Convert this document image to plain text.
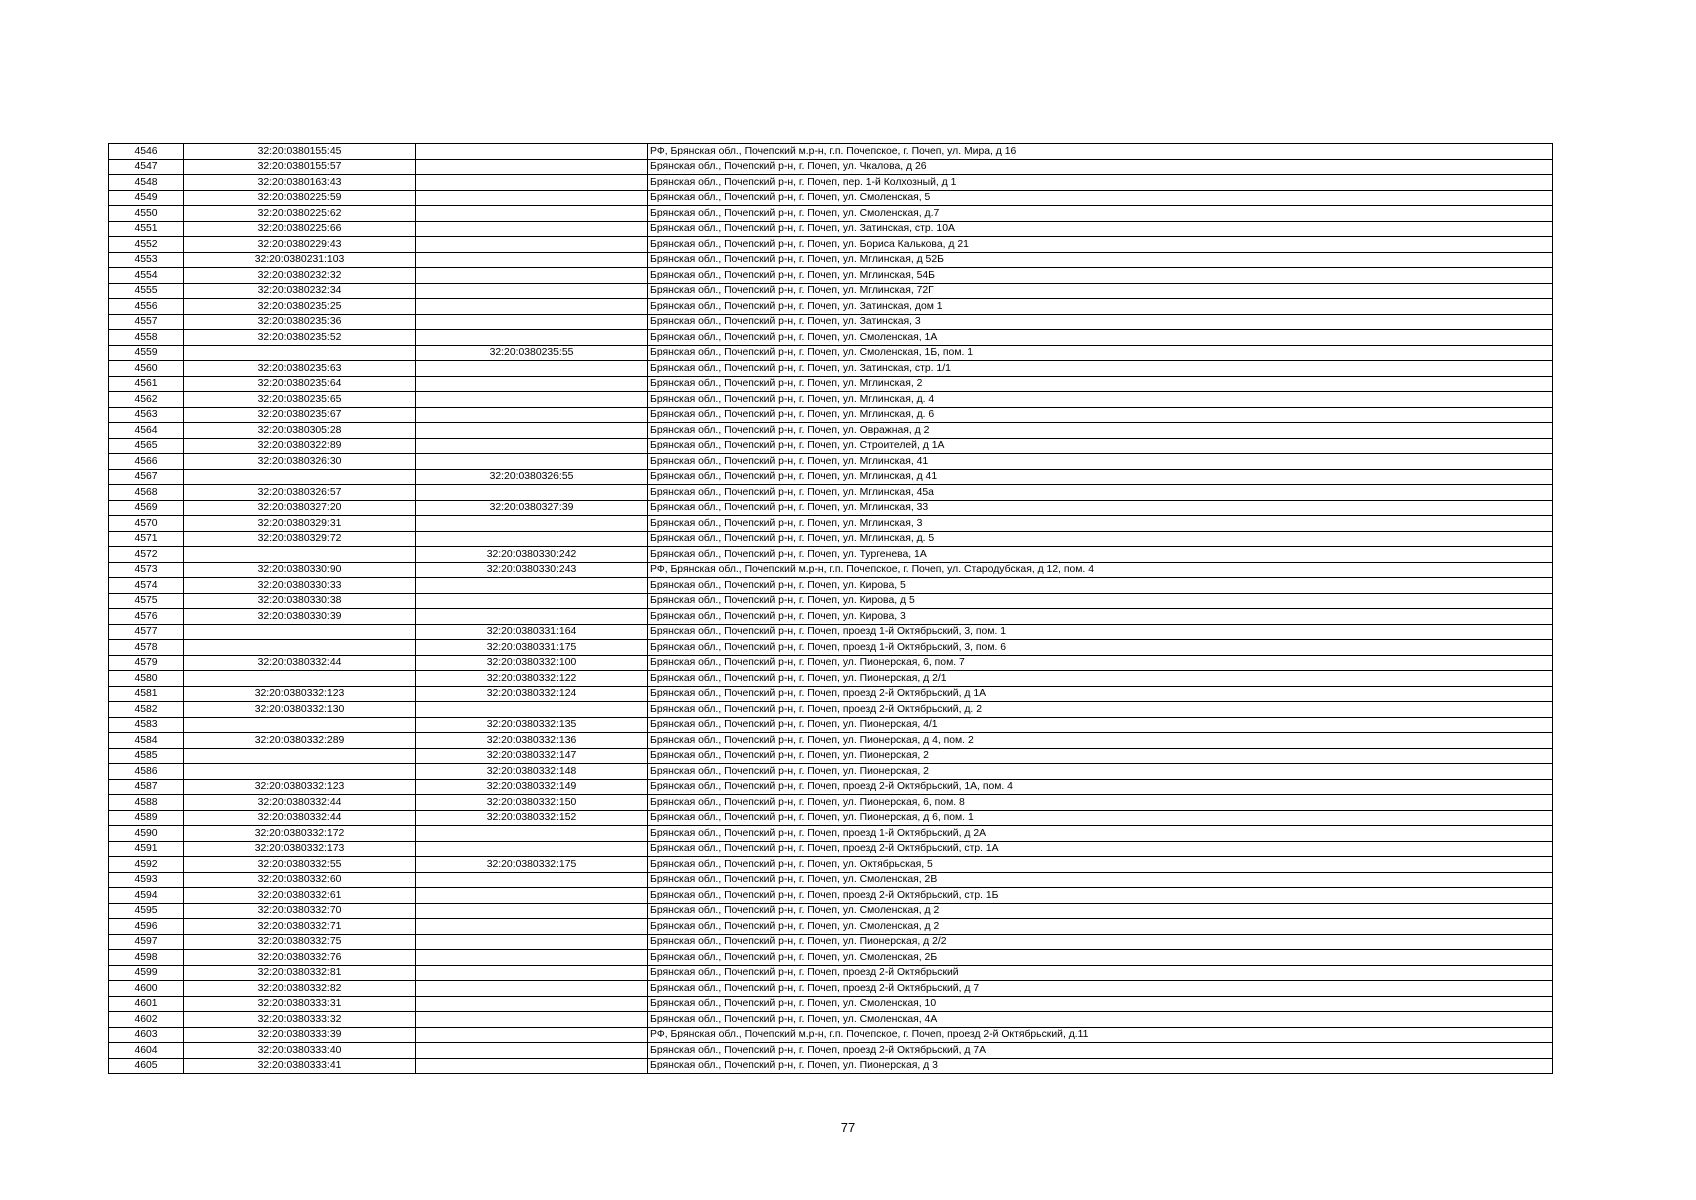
4546	32:20:0380155:45		РФ, Брянская обл., Почепский м.р-н, г.п. Почепское, г. Почеп, ул. Мира, д 16
4547	32:20:0380155:57		Брянская обл., Почепский р-н, г. Почеп, ул. Чкалова, д 26
4548	32:20:0380163:43		Брянская обл., Почепский р-н, г. Почеп, пер. 1-й Колхозный, д 1
4549	32:20:0380225:59		Брянская обл., Почепский р-н, г. Почеп, ул. Смоленская, 5
4550	32:20:0380225:62		Брянская обл., Почепский р-н, г. Почеп, ул. Смоленская, д.7
4551	32:20:0380225:66		Брянская обл., Почепский р-н, г. Почеп, ул. Затинская, стр. 10А
4552	32:20:0380229:43		Брянская обл., Почепский р-н, г. Почеп, ул. Бориса Калькова, д 21
4553	32:20:0380231:103		Брянская обл., Почепский р-н, г. Почеп, ул. Мглинская, д 52Б
4554	32:20:0380232:32		Брянская обл., Почепский р-н, г. Почеп, ул. Мглинская, 54Б
4555	32:20:0380232:34		Брянская обл., Почепский р-н, г. Почеп, ул. Мглинская, 72Г
4556	32:20:0380235:25		Брянская обл., Почепский р-н, г. Почеп, ул. Затинская, дом 1
4557	32:20:0380235:36		Брянская обл., Почепский р-н, г. Почеп, ул. Затинская, 3
4558	32:20:0380235:52		Брянская обл., Почепский р-н, г. Почеп, ул. Смоленская, 1А
4559		32:20:0380235:55	Брянская обл., Почепский р-н, г. Почеп, ул. Смоленская, 1Б, пом. 1
4560	32:20:0380235:63		Брянская обл., Почепский р-н, г. Почеп, ул. Затинская, стр. 1/1
4561	32:20:0380235:64		Брянская обл., Почепский р-н, г. Почеп, ул. Мглинская, 2
4562	32:20:0380235:65		Брянская обл., Почепский р-н, г. Почеп, ул. Мглинская, д. 4
4563	32:20:0380235:67		Брянская обл., Почепский р-н, г. Почеп, ул. Мглинская, д. 6
4564	32:20:0380305:28		Брянская обл., Почепский р-н, г. Почеп, ул. Овражная, д 2
4565	32:20:0380322:89		Брянская обл., Почепский р-н, г. Почеп, ул. Строителей, д 1А
4566	32:20:0380326:30		Брянская обл., Почепский р-н, г. Почеп, ул. Мглинская, 41
4567		32:20:0380326:55	Брянская обл., Почепский р-н, г. Почеп, ул. Мглинская, д 41
4568	32:20:0380326:57		Брянская обл., Почепский р-н, г. Почеп, ул. Мглинская, 45а
4569	32:20:0380327:20	32:20:0380327:39	Брянская обл., Почепский р-н, г. Почеп, ул. Мглинская, 33
4570	32:20:0380329:31		Брянская обл., Почепский р-н, г. Почеп, ул. Мглинская, 3
4571	32:20:0380329:72		Брянская обл., Почепский р-н, г. Почеп, ул. Мглинская, д. 5
4572		32:20:0380330:242	Брянская обл., Почепский р-н, г. Почеп, ул. Тургенева, 1А
4573	32:20:0380330:90	32:20:0380330:243	РФ, Брянская обл., Почепский м.р-н, г.п. Почепское, г. Почеп, ул. Стародубская, д 12, пом. 4
4574	32:20:0380330:33		Брянская обл., Почепский р-н, г. Почеп, ул. Кирова, 5
4575	32:20:0380330:38		Брянская обл., Почепский р-н, г. Почеп, ул. Кирова, д 5
4576	32:20:0380330:39		Брянская обл., Почепский р-н, г. Почеп, ул. Кирова, 3
4577		32:20:0380331:164	Брянская обл., Почепский р-н, г. Почеп, проезд 1-й Октябрьский, 3, пом. 1
4578		32:20:0380331:175	Брянская обл., Почепский р-н, г. Почеп, проезд 1-й Октябрьский, 3, пом. 6
4579	32:20:0380332:44	32:20:0380332:100	Брянская обл., Почепский р-н, г. Почеп, ул. Пионерская, 6, пом. 7
4580		32:20:0380332:122	Брянская обл., Почепский р-н, г. Почеп, ул. Пионерская, д 2/1
4581	32:20:0380332:123	32:20:0380332:124	Брянская обл., Почепский р-н, г. Почеп, проезд 2-й Октябрьский, д 1А
4582	32:20:0380332:130		Брянская обл., Почепский р-н, г. Почеп, проезд 2-й Октябрьский, д. 2
4583		32:20:0380332:135	Брянская обл., Почепский р-н, г. Почеп, ул. Пионерская, 4/1
4584	32:20:0380332:289	32:20:0380332:136	Брянская обл., Почепский р-н, г. Почеп, ул. Пионерская, д 4, пом. 2
4585		32:20:0380332:147	Брянская обл., Почепский р-н, г. Почеп, ул. Пионерская, 2
4586		32:20:0380332:148	Брянская обл., Почепский р-н, г. Почеп, ул. Пионерская, 2
4587	32:20:0380332:123	32:20:0380332:149	Брянская обл., Почепский р-н, г. Почеп, проезд 2-й Октябрьский, 1А, пом. 4
4588	32:20:0380332:44	32:20:0380332:150	Брянская обл., Почепский р-н, г. Почеп, ул. Пионерская, 6, пом. 8
4589	32:20:0380332:44	32:20:0380332:152	Брянская обл., Почепский р-н, г. Почеп, ул. Пионерская, д 6, пом. 1
4590	32:20:0380332:172		Брянская обл., Почепский р-н, г. Почеп, проезд 1-й Октябрьский, д 2А
4591	32:20:0380332:173		Брянская обл., Почепский р-н, г. Почеп, проезд 2-й Октябрьский, стр. 1А
4592	32:20:0380332:55	32:20:0380332:175	Брянская обл., Почепский р-н, г. Почеп, ул. Октябрьская, 5
4593	32:20:0380332:60		Брянская обл., Почепский р-н, г. Почеп, ул. Смоленская, 2В
4594	32:20:0380332:61		Брянская обл., Почепский р-н, г. Почеп, проезд 2-й Октябрьский, стр. 1Б
4595	32:20:0380332:70		Брянская обл., Почепский р-н, г. Почеп, ул. Смоленская, д 2
4596	32:20:0380332:71		Брянская обл., Почепский р-н, г. Почеп, ул. Смоленская, д 2
4597	32:20:0380332:75		Брянская обл., Почепский р-н, г. Почеп, ул. Пионерская, д 2/2
4598	32:20:0380332:76		Брянская обл., Почепский р-н, г. Почеп, ул. Смоленская, 2Б
4599	32:20:0380332:81		Брянская обл., Почепский р-н, г. Почеп, проезд 2-й Октябрьский
4600	32:20:0380332:82		Брянская обл., Почепский р-н, г. Почеп, проезд 2-й Октябрьский, д 7
4601	32:20:0380333:31		Брянская обл., Почепский р-н, г. Почеп, ул. Смоленская, 10
4602	32:20:0380333:32		Брянская обл., Почепский р-н, г. Почеп, ул. Смоленская, 4А
4603	32:20:0380333:39		РФ, Брянская обл., Почепский м.р-н, г.п. Почепское, г. Почеп, проезд 2-й Октябрьский, д.11
4604	32:20:0380333:40		Брянская обл., Почепский р-н, г. Почеп, проезд 2-й Октябрьский, д 7А
4605	32:20:0380333:41		Брянская обл., Почепский р-н, г. Почеп, ул. Пионерская, д 3
77
